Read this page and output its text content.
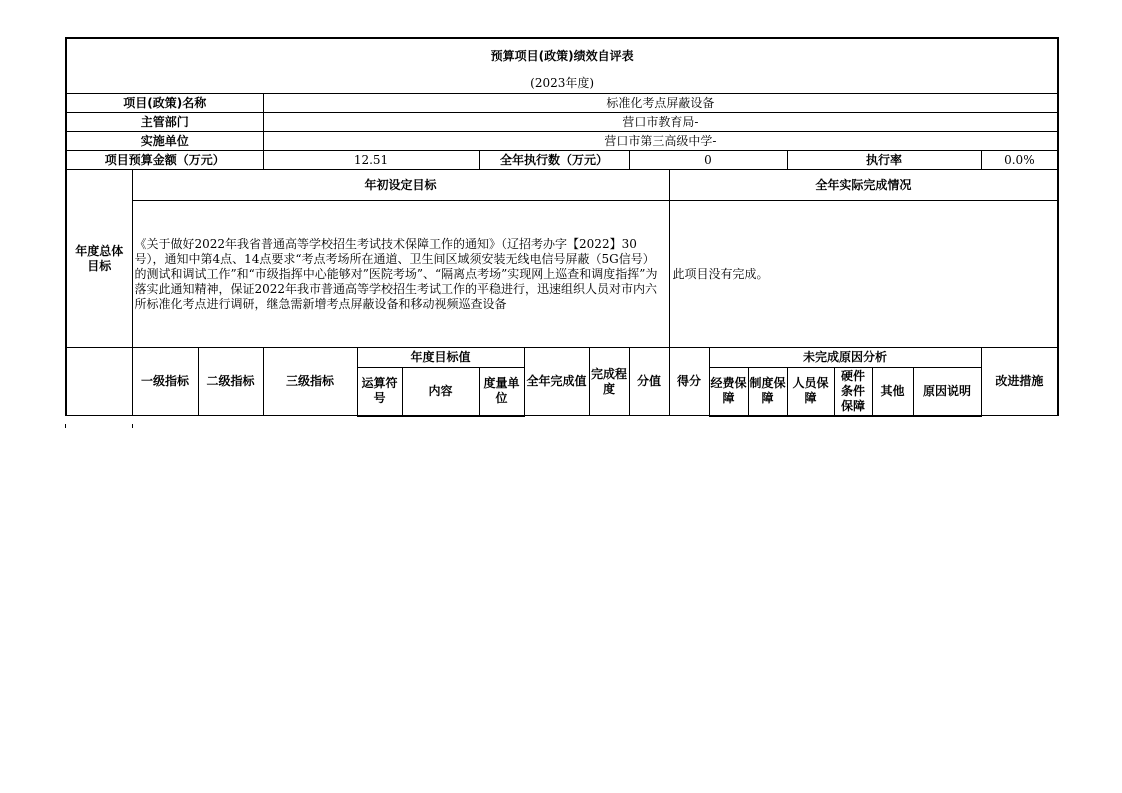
预算项目(政策)绩效自评表																	
(2023年度)																	
项目(政策)名称			标准化考点屏蔽设备														
主管部门			营口市教育局-														
实施单位			营口市第三高级中学-														
项目预算金额（万元）			12.51			全年执行数（万元）			0				执行率				0.0%
年度总体目标	年初设定目标									全年实际完成情况							
	《关于做好2022年我省普通高等学校招生考试技术保障工作的通知》（辽招考办字【2022】30号），通知中第4点、14点要求“考点考场所在通道、卫生间区域须安装无线电信号屏蔽（5G信号）的测试和调试工作”和“市级指挥中心能够对”医院考场”、“隔离点考场”实现网上巡查和调度指挥”为落实此通知精神，保证2022年我市普通高等学校招生考试工作的平稳进行，迅速组织人员对市内六所标准化考点进行调研，继急需新增考点屏蔽设备和移动视频巡查设备									此项目没有完成。							
	一级指标	二级指标	三级指标	年度目标值			全年完成值	完成程度	分值	得分	未完成原因分析						改进措施
				运算符号	内容	度量单位					经费保障	制度保障	人员保障	硬件条件保障	其他	原因说明	
